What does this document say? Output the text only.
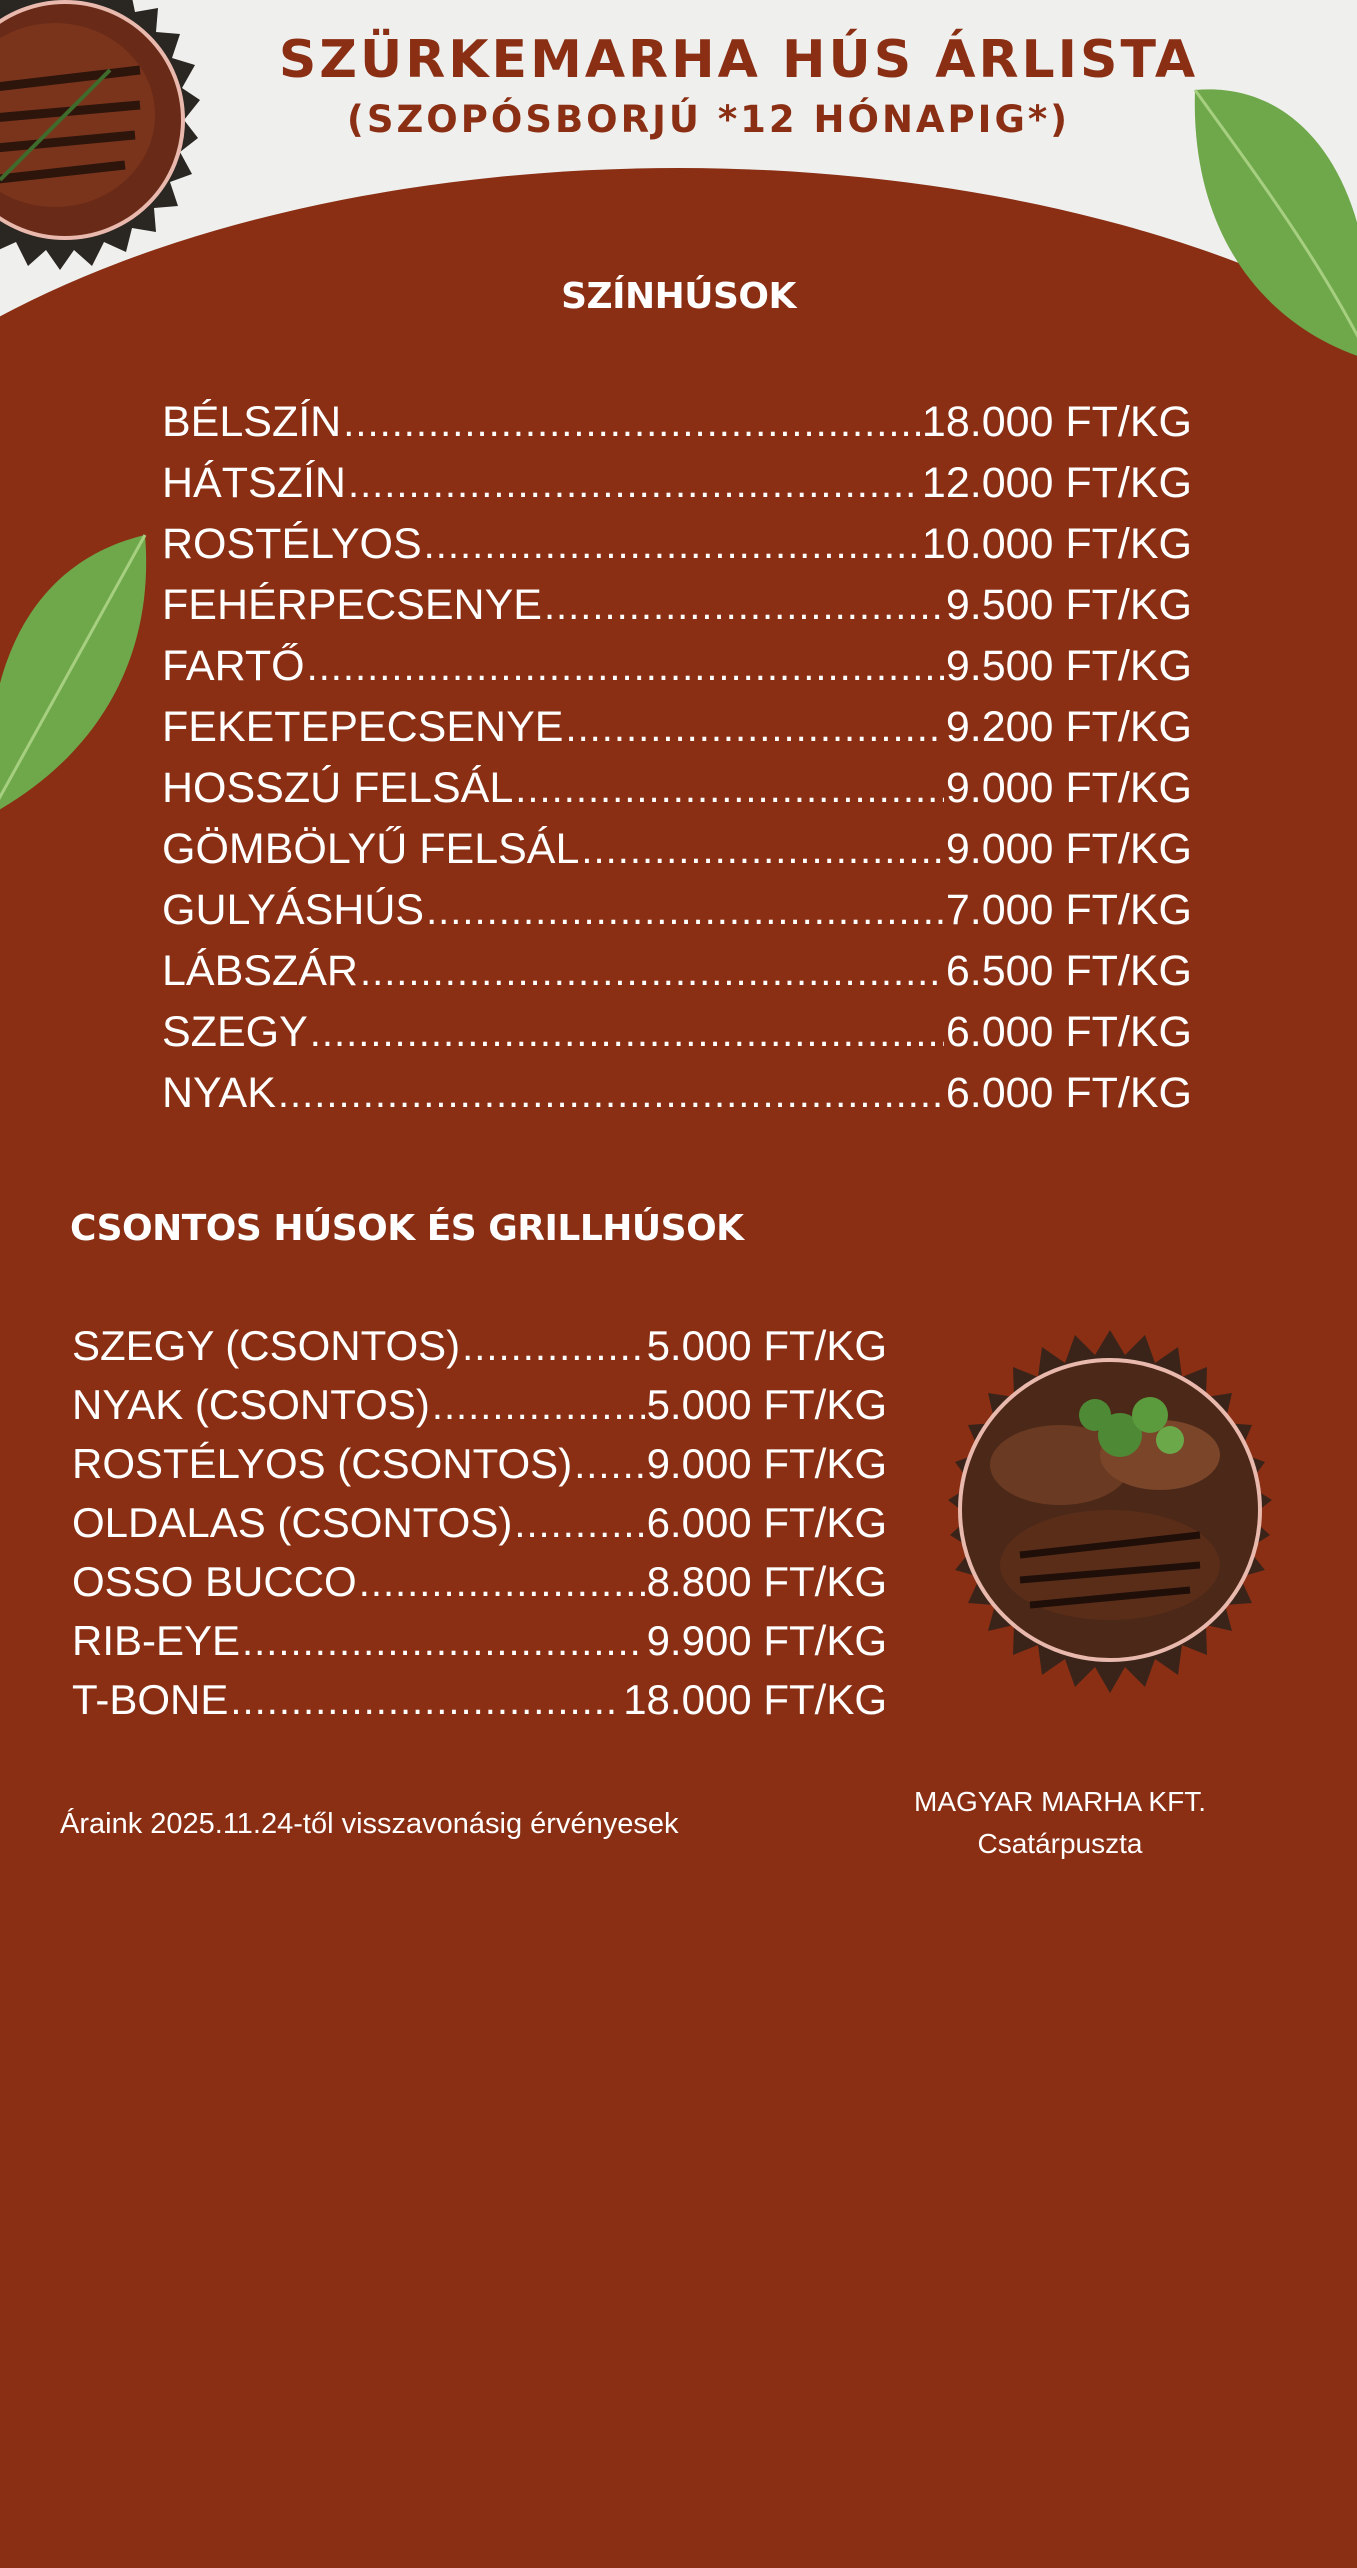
SZÜRKEMARHA HÚS ÁRLISTA
(SZOPÓSBORJÚ *12 HÓNAPIG*)
SZÍNHÚSOK
BÉLSZÍN .....	18.000 FT/KG
HÁTSZÍN .....	12.000 FT/KG
ROSTÉLYOS .....	10.000 FT/KG
FEHÉRPECSENYE .....	9.500 FT/KG
FARTŐ .....	9.500 FT/KG
FEKETEPECSENYE .....	9.200 FT/KG
HOSSZÚ FELSÁL .....	9.000 FT/KG
GÖMBÖLYŰ FELSÁL .....	9.000 FT/KG
GULYÁSHÚS .....	7.000 FT/KG
LÁBSZÁR .....	6.500 FT/KG
SZEGY .....	6.000 FT/KG
NYAK .....	6.000 FT/KG
CSONTOS HÚSOK ÉS GRILLHÚSOK
SZEGY (CSONTOS) .....	5.000 FT/KG
NYAK (CSONTOS) .....	5.000 FT/KG
ROSTÉLYOS (CSONTOS) ..... 9.000 FT/KG
OLDALAS (CSONTOS) .....	6.000 FT/KG
OSSO BUCCO .....	8.800 FT/KG
RIB-EYE .....	9.900 FT/KG
T-BONE .....	18.000 FT/KG

Áraink 2025.11.24-től visszavonásig érvényesek

MAGYAR MARHA KFT.

Csatárpuszta
